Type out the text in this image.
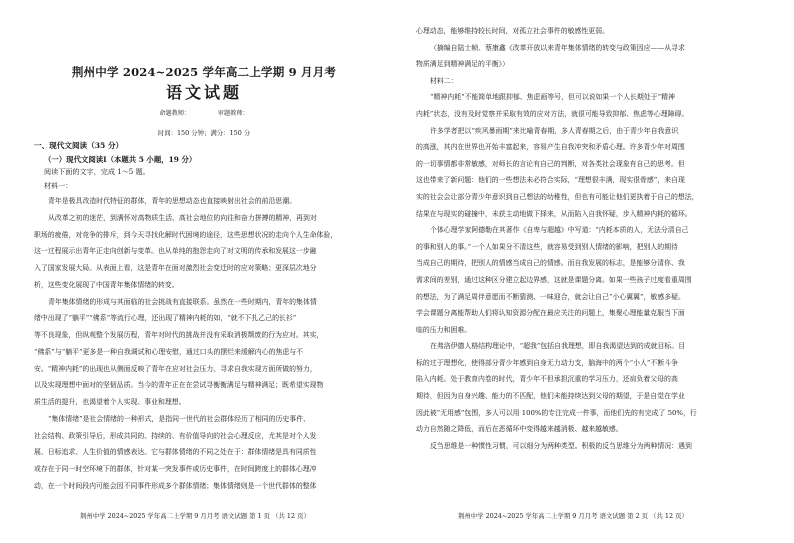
荆州中学 2024~2025 学年高二上学期 9 月月考
语文试题
命题教师：              审题教师：
时间：150 分钟；满分：150 分
一、现代文阅读（35 分）
（一）现代文阅读Ⅰ（本题共 5 小题，19 分）
阅读下面的文字，完成 1～5 题。
材料一：

青年是极具改造时代特征的群体，青年的思想动态也直接映射出社会的前沿思潮。

从改革之初的迷茫，到满怀对高物质生活、高社会地位的向往和奋力拼搏的精神，再到对

职场的疲倦，对竞争的排斥，到今天寻找化解时代困境的途径，这些思想状况的走向个人生命体验，

这一过程展示出青年正走向创新与变革。也从单纯的抱怨走向了对文明的传承和发展这一步融

入了国家发展大局。从表面上看，这是青年在面对激烈社会变迁时的应对策略；更深层次地分

析，这些变化展现了中国青年集体情绪的转变。

青年集体情绪的形成与其面临的社会挑战有直接联系。虽然在一些时期内，青年的集体情

绪中出现了“躺平”“佛系”等流行心理，还出现了精神内耗的如，“就不下扎乙己的长衫”

等不良现象，但纵观整个发展历程，青年对时代的挑战并没有采取消极颓废的行为应对。其实，

“佛系”与“躺平”更多是一种自我调试和心理安慰，通过口头的摆烂来缓解内心的焦虑与不

安。“精神内耗”的出现也从侧面反映了青年在应对社会压力、寻求自我实现方面所做的努力，

以及实现理想中面对的坚韧品质。当今的青年正在在尝试寻衡衡满足与精神满足；既希望实现物

质生活的提升，也渴望着个人实现、事业和理想。

“集体情绪”是社会情绪的一种形式，是指同一世代的社会群体经历了相同的历史事件、

社会结构、政策引导后，形成共同的、持续的、有价值导向的社会心理反应，尤其是对个人发

展、日标追求、人生价值的情感表达。它与群体情绪的不同之处在于：群体情绪是具有同质性

或存在于同一时空环境下的群体，针对某一突发事件或历史事件，在时间跨度上的群体心理冲

动，在一个时间段内可能会因不同事件形成多个群体情绪；集体情绪则是一个世代群体的整体

心理动态，能够维持较长时间，对孤立社会事件的敏感性更弱。

（摘编自陆士帧、蔡康鑫《改革开放以来青年集体情绪的转变与政策因应——从寻求

物质满足到精神满足的平衡》）

材料二：

“精神内耗”不能简单地跟抑郁、焦虑画等号，但可以说如果一个人长期处于“精神

内耗”状态，没有及时觉察并采取有效的应对方法，就很可能导致抑郁、焦虑等心理障碍。

许多学者把以“疾风暴雨期”来比喻青春期，多人青春期之后，由于青少年自我意识

的高涨，其内在世界也开始丰富起来，容易产生自我冲突和矛盾心理。许多青少年对周围

的一切事情都非常敏感，对师长的言论有自己的判断，对各类社会现象有自己的思考。但

这也带来了新问题：他们的一些想法未必符合实际，“理想很丰满，现实很骨感”，来自现

实的社会会让部分青少年意识到自己想法的幼稚性，但也有可能让他们更执着于自己的想法，

结果在与现实的碰撞中，未获主动地做下择来，从而陷入自我怀疑，步入精神内耗的循环。

个体心理学家阿德勒在其著作《自卑与超越》中写道：“内耗本质的人，无法分清自己

的事和别人的事。”一个人如果分不清这些，就容易受到别人情绪的影响，把别人的期待

当成自己的期待，把别人的情感当成自己的情感。而自我发展的标志，是能够分清你、我

需求间的差别，通过这种区分建立起边界感，这就是课题分离。如果一些孩子过度看重周围

的想法，为了满足周伴意愿而不断猜测、一味迎合，就会让自己“小心翼翼”，敏感多疑。

学会课题分离能帮助人们将认知资源分配在最应关注的问题上，集聚心理能量克服当下面

临的压力和困难。

在弗洛伊德人格结构理论中，“超我”包括自我理想，即自我渴望达到的成就目标。目

标的过于理想化，使得部分青少年感到自身无力动力支，脑海中的两个“小人”不断斗争

陷入内耗。处于教育内卷的时代，青少年不但承担沉重的学习压力，还肩负着父母的高

期待，但因为自身兴趣、能力的不匹配，他们未能持续达到父母的期望，于是自觉在学业

因此被“无用感”包围，多人可以用 100%的专注完成一件事，而他们先的有完成了 50%，行

动力自然随之降低，而后在恶循环中变得越来越消极、越来越敏感。

反刍思维是一种惯性习惯，可以细分为两种类型。积极的反刍思维分为两种情况：遇到

荆州中学 2024~2025 学年高二上学期 9 月月考 语文试题 第 1 页 （共 12 页）	荆州中学 2024~2025 学年高二上学期 9 月月考 语文试题 第 2 页 （共 12 页）
